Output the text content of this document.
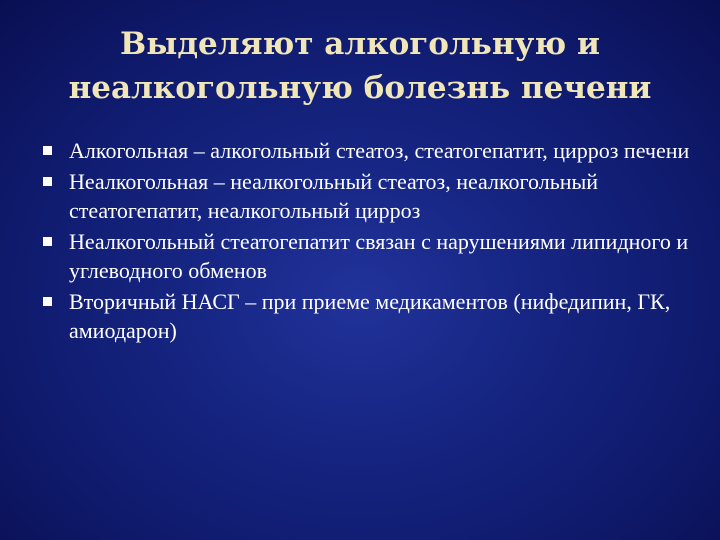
Выделяют алкогольную и
неалкогольную болезнь печени
Алкогольная – алкогольный стеатоз, стеатогепатит, цирроз печени
Неалкогольная – неалкогольный стеатоз, неалкогольный стеатогепатит, неалкогольный цирроз
Неалкогольный стеатогепатит связан с нарушениями липидного и углеводного обменов
Вторичный НАСГ – при приеме медикаментов (нифедипин, ГК, амиодарон)
